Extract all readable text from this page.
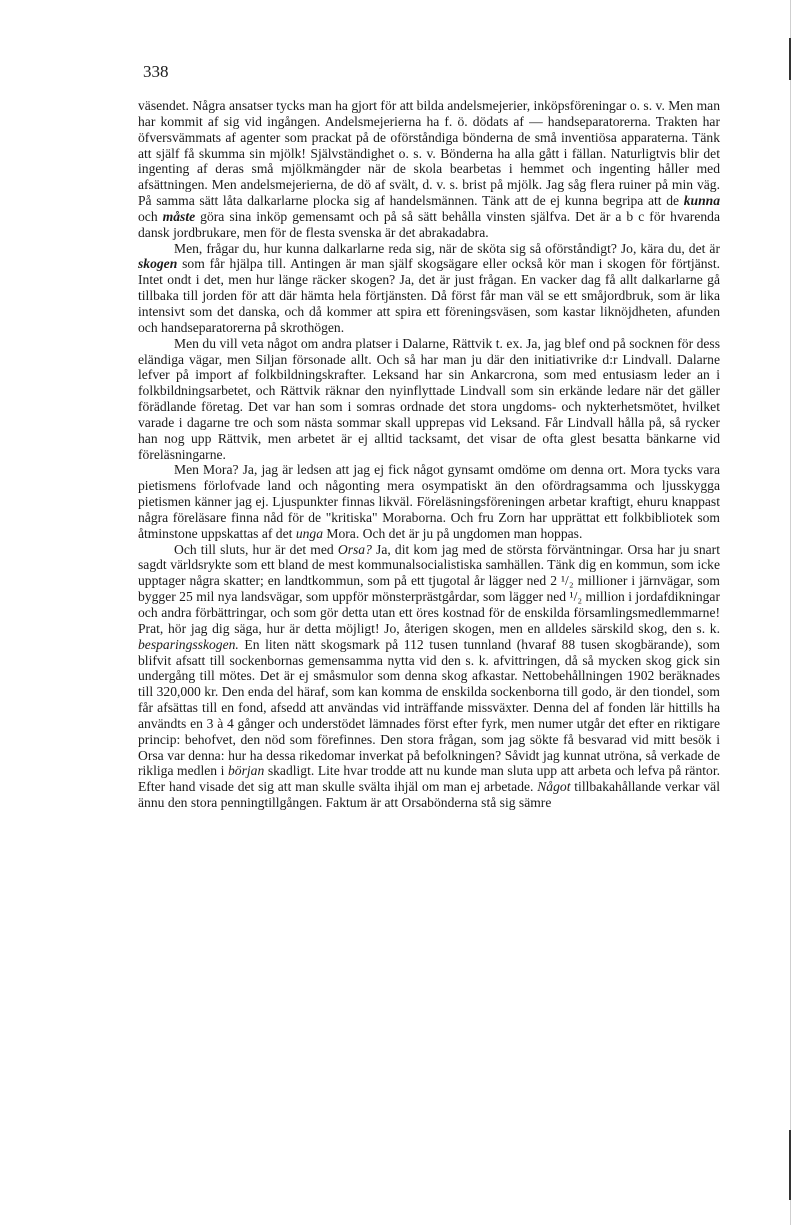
338

väsendet. Några ansatser tycks man ha gjort för att bilda andelsmejerier, inköpsföreningar o. s. v. Men man har kommit af sig vid ingången. Andelsmejerierna ha f. ö. dödats af — handseparatorerna. Trakten har öfversvämmats af agenter som prackat på de oförståndiga bönderna de små inventiösa apparaterna. Tänk att själf få skumma sin mjölk! Självständighet o. s. v. Bönderna ha alla gått i fällan. Naturligtvis blir det ingenting af deras små mjölkmängder när de skola bearbetas i hemmet och ingenting håller med afsättningen. Men andelsmejerierna, de dö af svält, d. v. s. brist på mjölk. Jag såg flera ruiner på min väg. På samma sätt låta dalkarlarne plocka sig af handelsmännen. Tänk att de ej kunna begripa att de kunna och måste göra sina inköp gemensamt och på så sätt behålla vinsten själfva. Det är a b c för hvarenda dansk jordbrukare, men för de flesta svenska är det abrakadabra.

Men, frågar du, hur kunna dalkarlarne reda sig, när de sköta sig så oförståndigt? Jo, kära du, det är skogen som får hjälpa till. Antingen är man själf skogsägare eller också kör man i skogen för förtjänst. Intet ondt i det, men hur länge räcker skogen? Ja, det är just frågan. En vacker dag få allt dalkarlarne gå tillbaka till jorden för att där hämta hela förtjänsten. Då först får man väl se ett småjordbruk, som är lika intensivt som det danska, och då kommer att spira ett föreningsväsen, som kastar liknöjdheten, afunden och handseparatorerna på skrothögen.

Men du vill veta något om andra platser i Dalarne, Rättvik t. ex. Ja, jag blef ond på socknen för dess eländiga vägar, men Siljan försonade allt. Och så har man ju där den initiativrike d:r Lindvall. Dalarne lefver på import af folkbildningskrafter. Leksand har sin Ankarcrona, som med entusiasm leder an i folkbildningsarbetet, och Rättvik räknar den nyinflyttade Lindvall som sin erkände ledare när det gäller förädlande företag. Det var han som i somras ordnade det stora ungdoms- och nykterhetsmötet, hvilket varade i dagarne tre och som nästa sommar skall upprepas vid Leksand. Får Lindvall hålla på, så rycker han nog upp Rättvik, men arbetet är ej alltid tacksamt, det visar de ofta glest besatta bänkarne vid föreläsningarne.

Men Mora? Ja, jag är ledsen att jag ej fick något gynsamt omdöme om denna ort. Mora tycks vara pietismens förlofvade land och någonting mera osympatiskt än den ofördragsamma och ljusskygga pietismen känner jag ej. Ljuspunkter finnas likväl. Föreläsningsföreningen arbetar kraftigt, ehuru knappast några föreläsare finna nåd för de "kritiska" Moraborna. Och fru Zorn har upprättat ett folkbibliotek som åtminstone uppskattas af det unga Mora. Och det är ju på ungdomen man hoppas.

Och till sluts, hur är det med Orsa? Ja, dit kom jag med de största förväntningar. Orsa har ju snart sagdt världsrykte som ett bland de mest kommunalsocialistiska samhällen. Tänk dig en kommun, som icke upptager några skatter; en landtkommun, som på ett tjugotal år lägger ned 2 ¹/₂ millioner i järnvägar, som bygger 25 mil nya landsvägar, som uppför mönsterprästgårdar, som lägger ned ¹/₂ million i jordafdikningar och andra förbättringar, och som gör detta utan ett öres kostnad för de enskilda församlingsmedlemmarne! Prat, hör jag dig säga, hur är detta möjligt! Jo, återigen skogen, men en alldeles särskild skog, den s. k. besparingsskogen. En liten nätt skogsmark på 112 tusen tunnland (hvaraf 88 tusen skogbärande), som blifvit afsatt till sockenbornas gemensamma nytta vid den s. k. afvittringen, då så mycken skog gick sin undergång till mötes. Det är ej småsmulor som denna skog afkastar. Nettobehållningen 1902 beräknades till 320,000 kr. Den enda del häraf, som kan komma de enskilda sockenborna till godo, är den tiondel, som får afsättas till en fond, afsedd att användas vid inträffande missväxter. Denna del af fonden lär hittills ha användts en 3 à 4 gånger och understödet lämnades först efter fyrk, men numer utgår det efter en riktigare princip: behofvet, den nöd som förefinnes. Den stora frågan, som jag sökte få besvarad vid mitt besök i Orsa var denna: hur ha dessa rikedomar inverkat på befolkningen? Såvidt jag kunnat utröna, så verkade de rikliga medlen i början skadligt. Lite hvar trodde att nu kunde man sluta upp att arbeta och lefva på räntor. Efter hand visade det sig att man skulle svälta ihjäl om man ej arbetade. Något tillbakahållande verkar väl ännu den stora penningtillgången. Faktum är att Orsabönderna stå sig sämre
